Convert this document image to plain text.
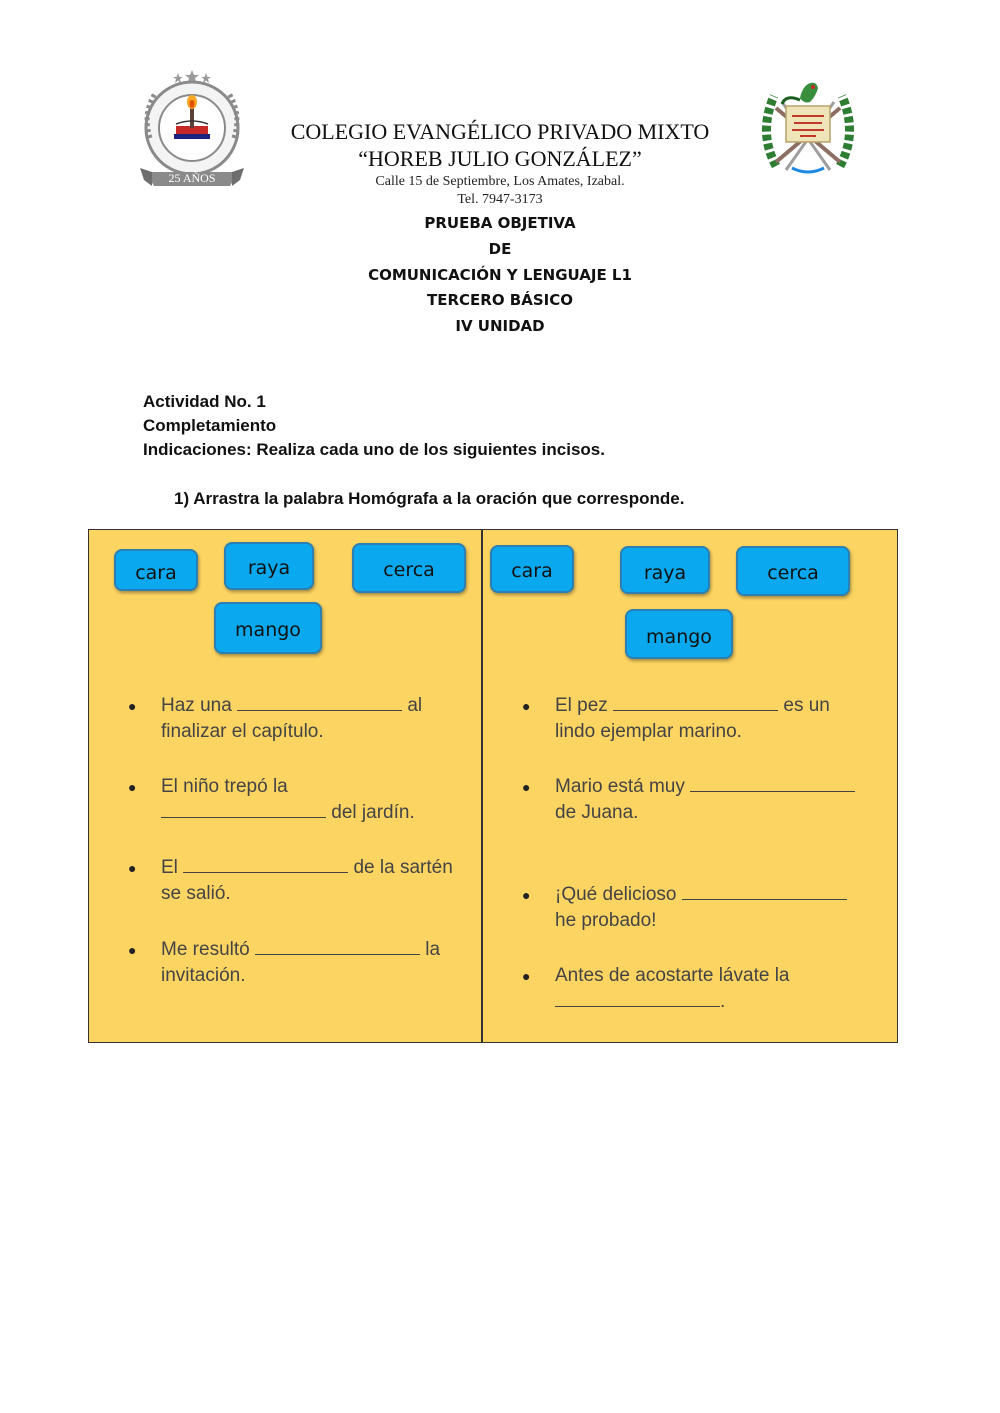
25 AÑOS
COLEGIO EVANGÉLICO PRIVADO MIXTO
“HOREB JULIO GONZÁLEZ”
Calle 15 de Septiembre, Los Amates, Izabal.
Tel. 7947-3173
PRUEBA OBJETIVA
DE
COMUNICACIÓN Y LENGUAJE L1
TERCERO BÁSICO
IV UNIDAD
Actividad No. 1
Completamiento
Indicaciones: Realiza cada uno de los siguientes incisos.
1) Arrastra la palabra Homógrafa a la oración que corresponde.
cara	raya	cerca
mango
cara	raya	cerca
mango
●	Haz una	al
finalizar el capítulo.
●	El niño trepó la
del jardín.
●	El	de la sartén
se salió.
●	Me resultó	la
invitación.
●	El pez	es un
lindo ejemplar marino.
●	Mario está muy
de Juana.
●	¡Qué delicioso
he probado!
●	Antes de acostarte lávate la
.
